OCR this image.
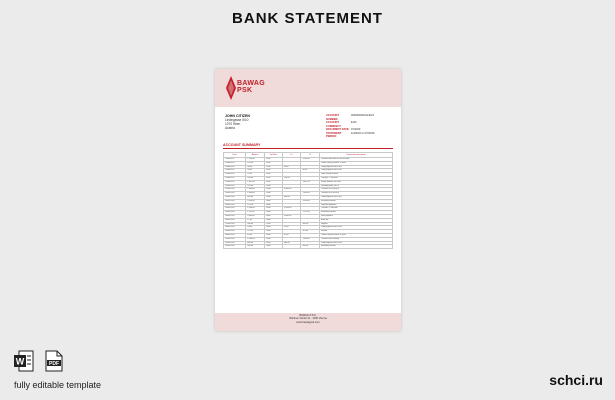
BANK STATEMENT
BAWAG
PSK
JOHN CITIZEN
Lindegasse 5/10
1070 Wien
Austria
ACCOUNT NUMBER:
0000000000114023
ACCOUNT CURRENCY:
EUR
DOCUMENT DATE: 07/2020
STATEMENT PERIOD:
11/06/20 to 07/06/20
ACCOUNT SUMMARY
Date	Amount	Val.Date	Dr.	Cr.	Transaction description
11/06/2020	1,183.00	11/06		1,183.00	Transfer from xxxx to our account
11/06/2020	195.00	11/06			Online card purchase 123456
11/06/2020	36.00	11/06	36.00		Card payment 00012345
11/06/2020	36.00	11/06		36.00	Card payment 00012345
11/06/2020	19.95	11/06			Debit card purchase
11/06/2020	196.00	11/06	196.00		Transfer - Purchase
11/06/2020	1,821.00	11/06		1,821.00	Salary transfer 0012345
12/06/2020	245.00	12/06			Standing order 00123
12/06/2020	1,006.00	12/06	1,006.00		Transfer 0012345678
12/06/2020	1,006.00	12/06		1,006.00	Transfer 0012345678
13/06/2020	486.00	13/06	486.00		Card payment 00012345
13/06/2020	3,500.00	13/06		3,500.00	Incoming transfer
14/06/2020	120.50	14/06			Utility bill payment
15/06/2020	1,098.00	15/06	1,098.00		Transfer - Purchase
15/06/2020	1,111.00	15/06		1,111.00	Incoming transfer
16/06/2020	3,000.00	16/06	3,000.00		Rent payment
16/06/2020	17.00	16/06			Bank fee
17/06/2020	300.00	17/06		300.00	Deposit
18/06/2020	53.00	18/06	53.00		Card payment 00012345
19/06/2020	115.00	19/06		115.00	Refund
20/06/2020	42.00	20/06	42.00		Online card purchase 123456
21/06/2020	1,000.00	21/06		1,000.00	Transfer from savings
22/06/2020	400.00	22/06	400.00		Card payment 00012345
23/06/2020	300.00	23/06		300.00	Incoming transfer
BAWAG P.S.K.
Wiedner Gürtel 11 · 1100 Vienna
www.bawagpsk.com
W	PDF
fully editable template	schci.ru
